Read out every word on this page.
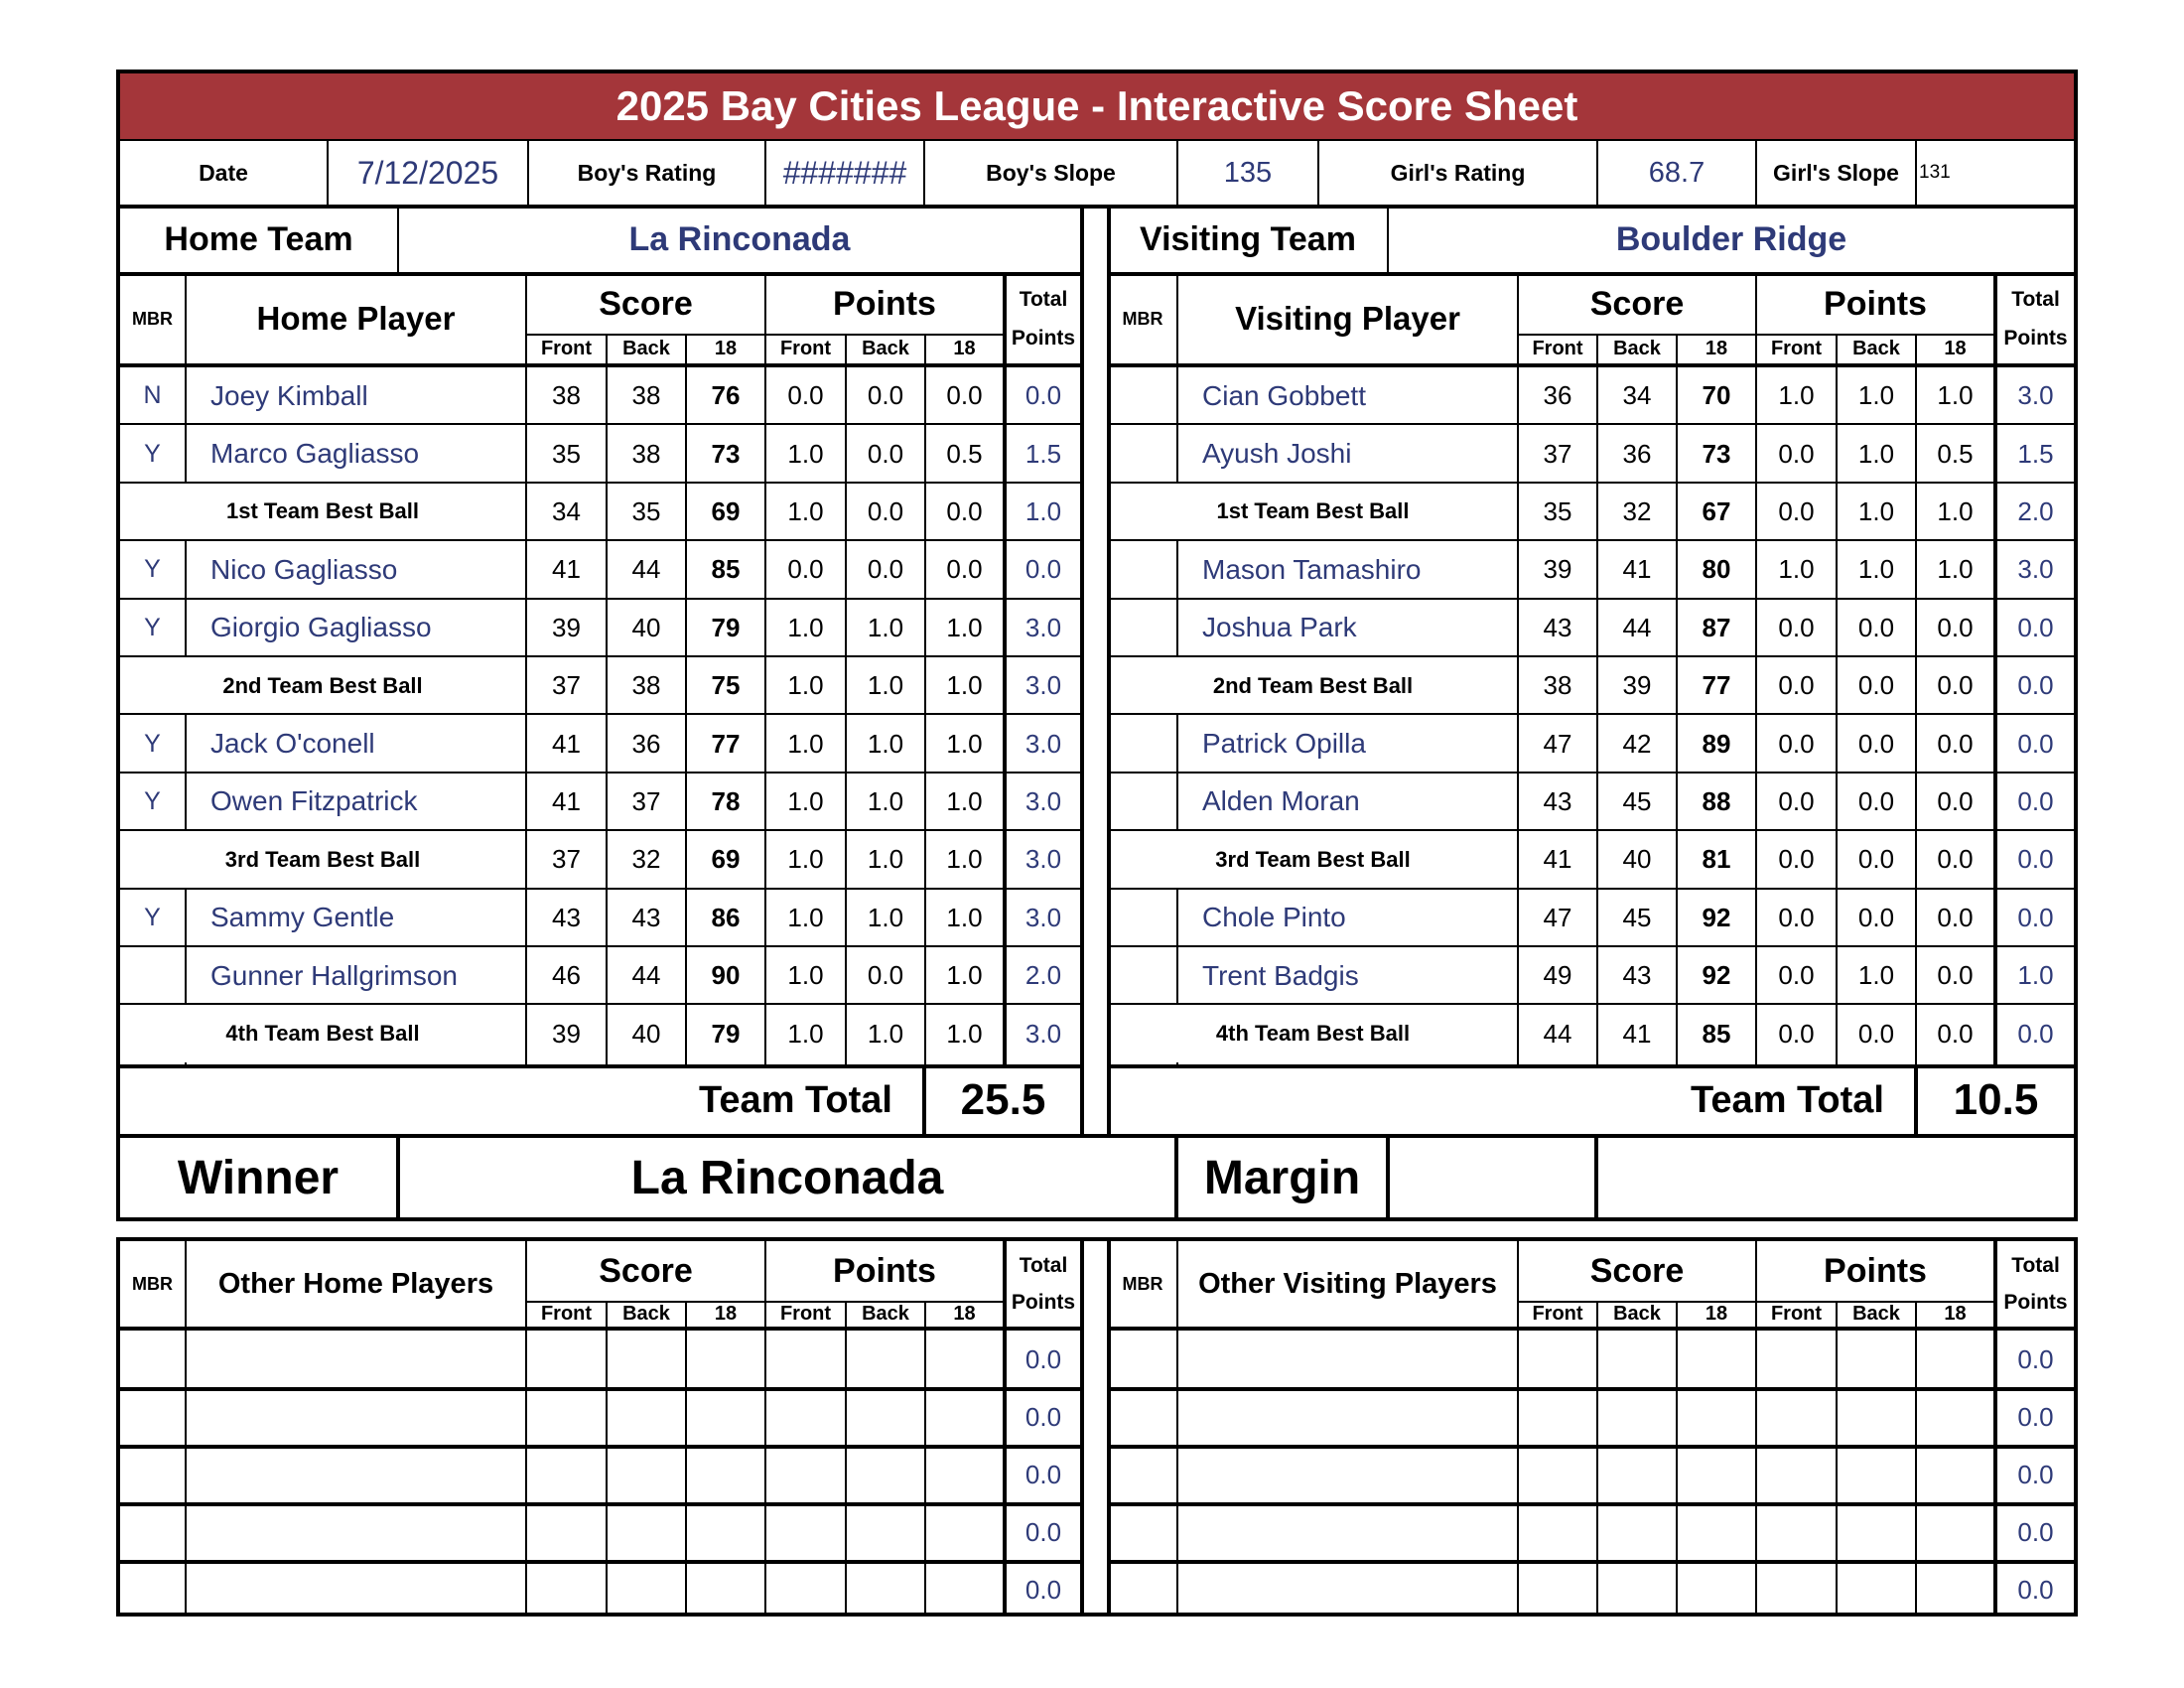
2025 Bay Cities League - Interactive Score Sheet
Date	7/12/2025	Boy's Rating	#######	Boy's Slope	135	Girl's Rating	68.7	Girl's Slope	131
Home Team	La Rinconada	Visiting Team	Boulder Ridge
MBR	Home Player	Score	Points	Total
Points
Front	Back	18	Front	Back	18
N	Joey Kimball	38	38	76	0.0	0.0	0.0	0.0
Y	Marco Gagliasso	35	38	73	1.0	0.0	0.5	1.5
1st Team Best Ball	34	35	69	1.0	0.0	0.0	1.0
Y	Nico Gagliasso	41	44	85	0.0	0.0	0.0	0.0
Y	Giorgio Gagliasso	39	40	79	1.0	1.0	1.0	3.0
2nd Team Best Ball	37	38	75	1.0	1.0	1.0	3.0
Y	Jack O'conell	41	36	77	1.0	1.0	1.0	3.0
Y	Owen Fitzpatrick	41	37	78	1.0	1.0	1.0	3.0
3rd Team Best Ball	37	32	69	1.0	1.0	1.0	3.0
Y	Sammy Gentle	43	43	86	1.0	1.0	1.0	3.0
Gunner Hallgrimson	46	44	90	1.0	0.0	1.0	2.0
4th Team Best Ball	39	40	79	1.0	1.0	1.0	3.0
MBR	Visiting Player	Score	Points	Total
Points
Front	Back	18	Front	Back	18
Cian Gobbett	36	34	70	1.0	1.0	1.0	3.0
Ayush Joshi	37	36	73	0.0	1.0	0.5	1.5
1st Team Best Ball	35	32	67	0.0	1.0	1.0	2.0
Mason Tamashiro	39	41	80	1.0	1.0	1.0	3.0
Joshua Park	43	44	87	0.0	0.0	0.0	0.0
2nd Team Best Ball	38	39	77	0.0	0.0	0.0	0.0
Patrick Opilla	47	42	89	0.0	0.0	0.0	0.0
Alden Moran	43	45	88	0.0	0.0	0.0	0.0
3rd Team Best Ball	41	40	81	0.0	0.0	0.0	0.0
Chole Pinto	47	45	92	0.0	0.0	0.0	0.0
Trent Badgis	49	43	92	0.0	1.0	0.0	1.0
4th Team Best Ball	44	41	85	0.0	0.0	0.0	0.0
Team Total	25.5	Team Total	10.5
Winner	La Rinconada	Margin
MBR	Other Home Players	Score	Points	Total
Points
Front	Back	18	Front	Back	18
0.0
0.0
0.0
0.0
0.0
MBR	Other Visiting Players	Score	Points	Total
Points
Front	Back	18	Front	Back	18
0.0
0.0
0.0
0.0
0.0
